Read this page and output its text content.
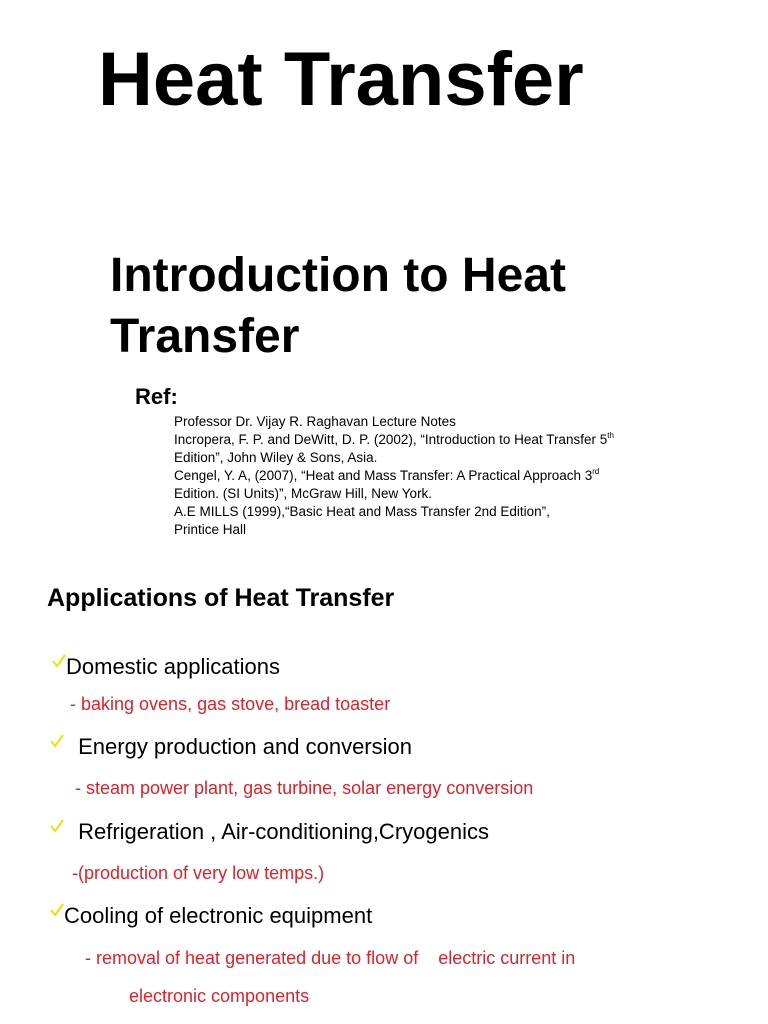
Heat Transfer
Introduction to Heat Transfer
Ref:
Professor Dr. Vijay R. Raghavan Lecture Notes
Incropera, F. P. and DeWitt, D. P. (2002), “Introduction to Heat Transfer 5th
Edition”, John Wiley & Sons, Asia.
Cengel, Y. A, (2007), “Heat and Mass Transfer: A Practical Approach 3rd
Edition. (SI Units)”, McGraw Hill, New York.
A.E MILLS (1999),“Basic Heat and Mass Transfer 2nd Edition”,
Printice Hall
Applications of Heat Transfer
Domestic applications
- baking ovens, gas stove, bread toaster
Energy production and conversion
- steam power plant, gas turbine, solar energy conversion
Refrigeration , Air-conditioning,Cryogenics
-(production of very low temps.)
Cooling of electronic equipment
- removal of heat generated due to flow of    electric current in
electronic components
